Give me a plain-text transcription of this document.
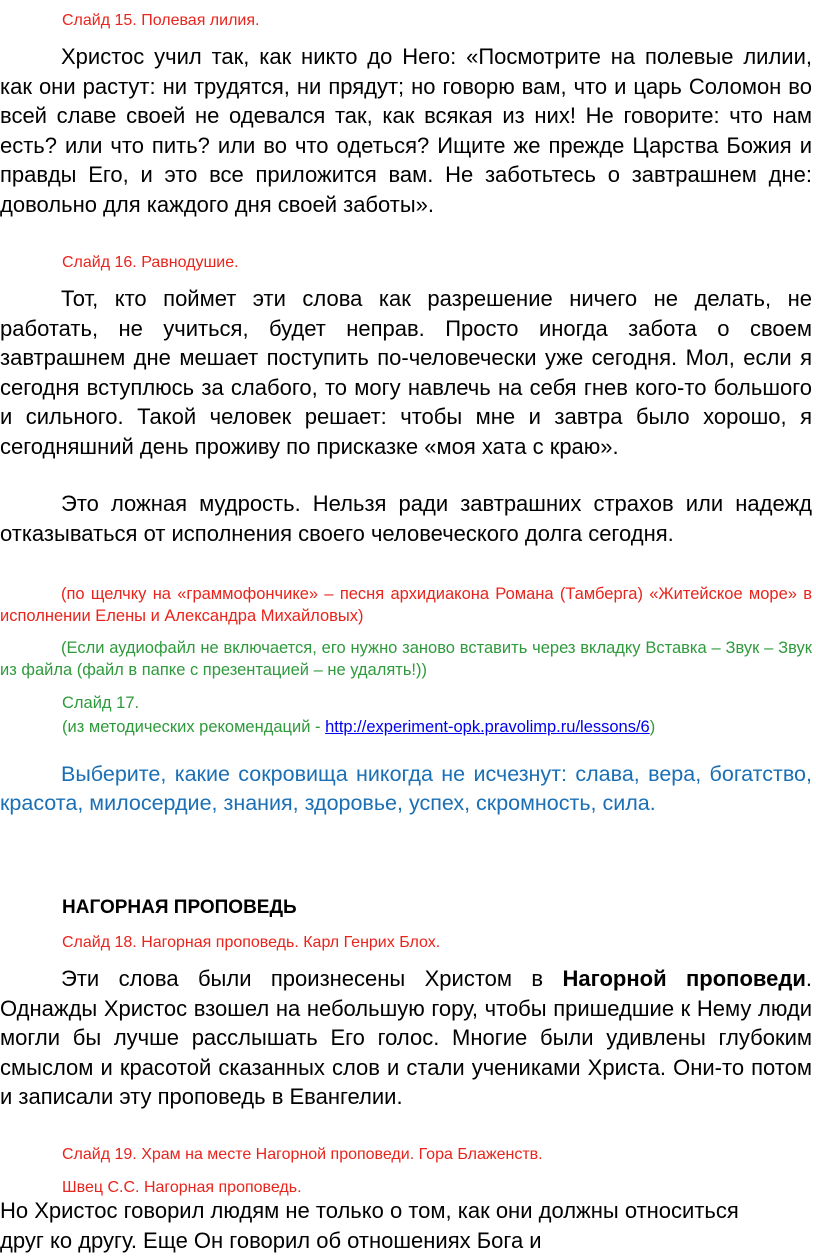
Слайд 15. Полевая лилия.

Христос учил так, как никто до Него: «Посмотрите на полевые лилии, как они растут: ни трудятся, ни прядут; но говорю вам, что и царь Соломон во всей славе своей не одевался так, как всякая из них! Не говорите: что нам есть? или что пить? или во что одеться? Ищите же прежде Царства Божия и правды Его, и это все приложится вам. Не заботьтесь о завтрашнем дне: довольно для каждого дня своей заботы».

Слайд 16. Равнодушие.

Тот, кто поймет эти слова как разрешение ничего не делать, не работать, не учиться, будет неправ. Просто иногда забота о своем завтрашнем дне мешает поступить по-человечески уже сегодня. Мол, если я сегодня вступлюсь за слабого, то могу навлечь на себя гнев кого-то большого и сильного. Такой человек решает: чтобы мне и завтра было хорошо, я сегодняшний день проживу по присказке «моя хата с краю».

Это ложная мудрость. Нельзя ради завтрашних страхов или надежд отказываться от исполнения своего человеческого долга сегодня.

(по щелчку на «граммофончике» – песня архидиакона Романа (Тамберга) «Житейское море» в исполнении Елены и Александра Михайловых)

(Если аудиофайл не включается, его нужно заново вставить через вкладку Вставка – Звук – Звук из файла (файл в папке с презентацией – не удалять!))

Слайд 17.

(из методических рекомендаций - http://experiment-opk.pravolimp.ru/lessons/6)

Выберите, какие сокровища никогда не исчезнут: слава, вера, богатство, красота, милосердие, знания, здоровье, успех, скромность, сила.

НАГОРНАЯ ПРОПОВЕДЬ

Слайд 18. Нагорная проповедь. Карл Генрих Блох.

Эти слова были произнесены Христом в Нагорной проповеди. Однажды Христос взошел на небольшую гору, чтобы пришедшие к Нему люди могли бы лучше расслышать Его голос. Многие были удивлены глубоким смыслом и красотой сказанных слов и стали учениками Христа. Они-то потом и записали эту проповедь в Евангелии.

Слайд 19. Храм на месте Нагорной проповеди. Гора Блаженств.

Швец С.С. Нагорная проповедь.

Но Христос говорил людям не только о том, как они должны относиться друг ко другу. Еще Он говорил об отношениях Бога и
